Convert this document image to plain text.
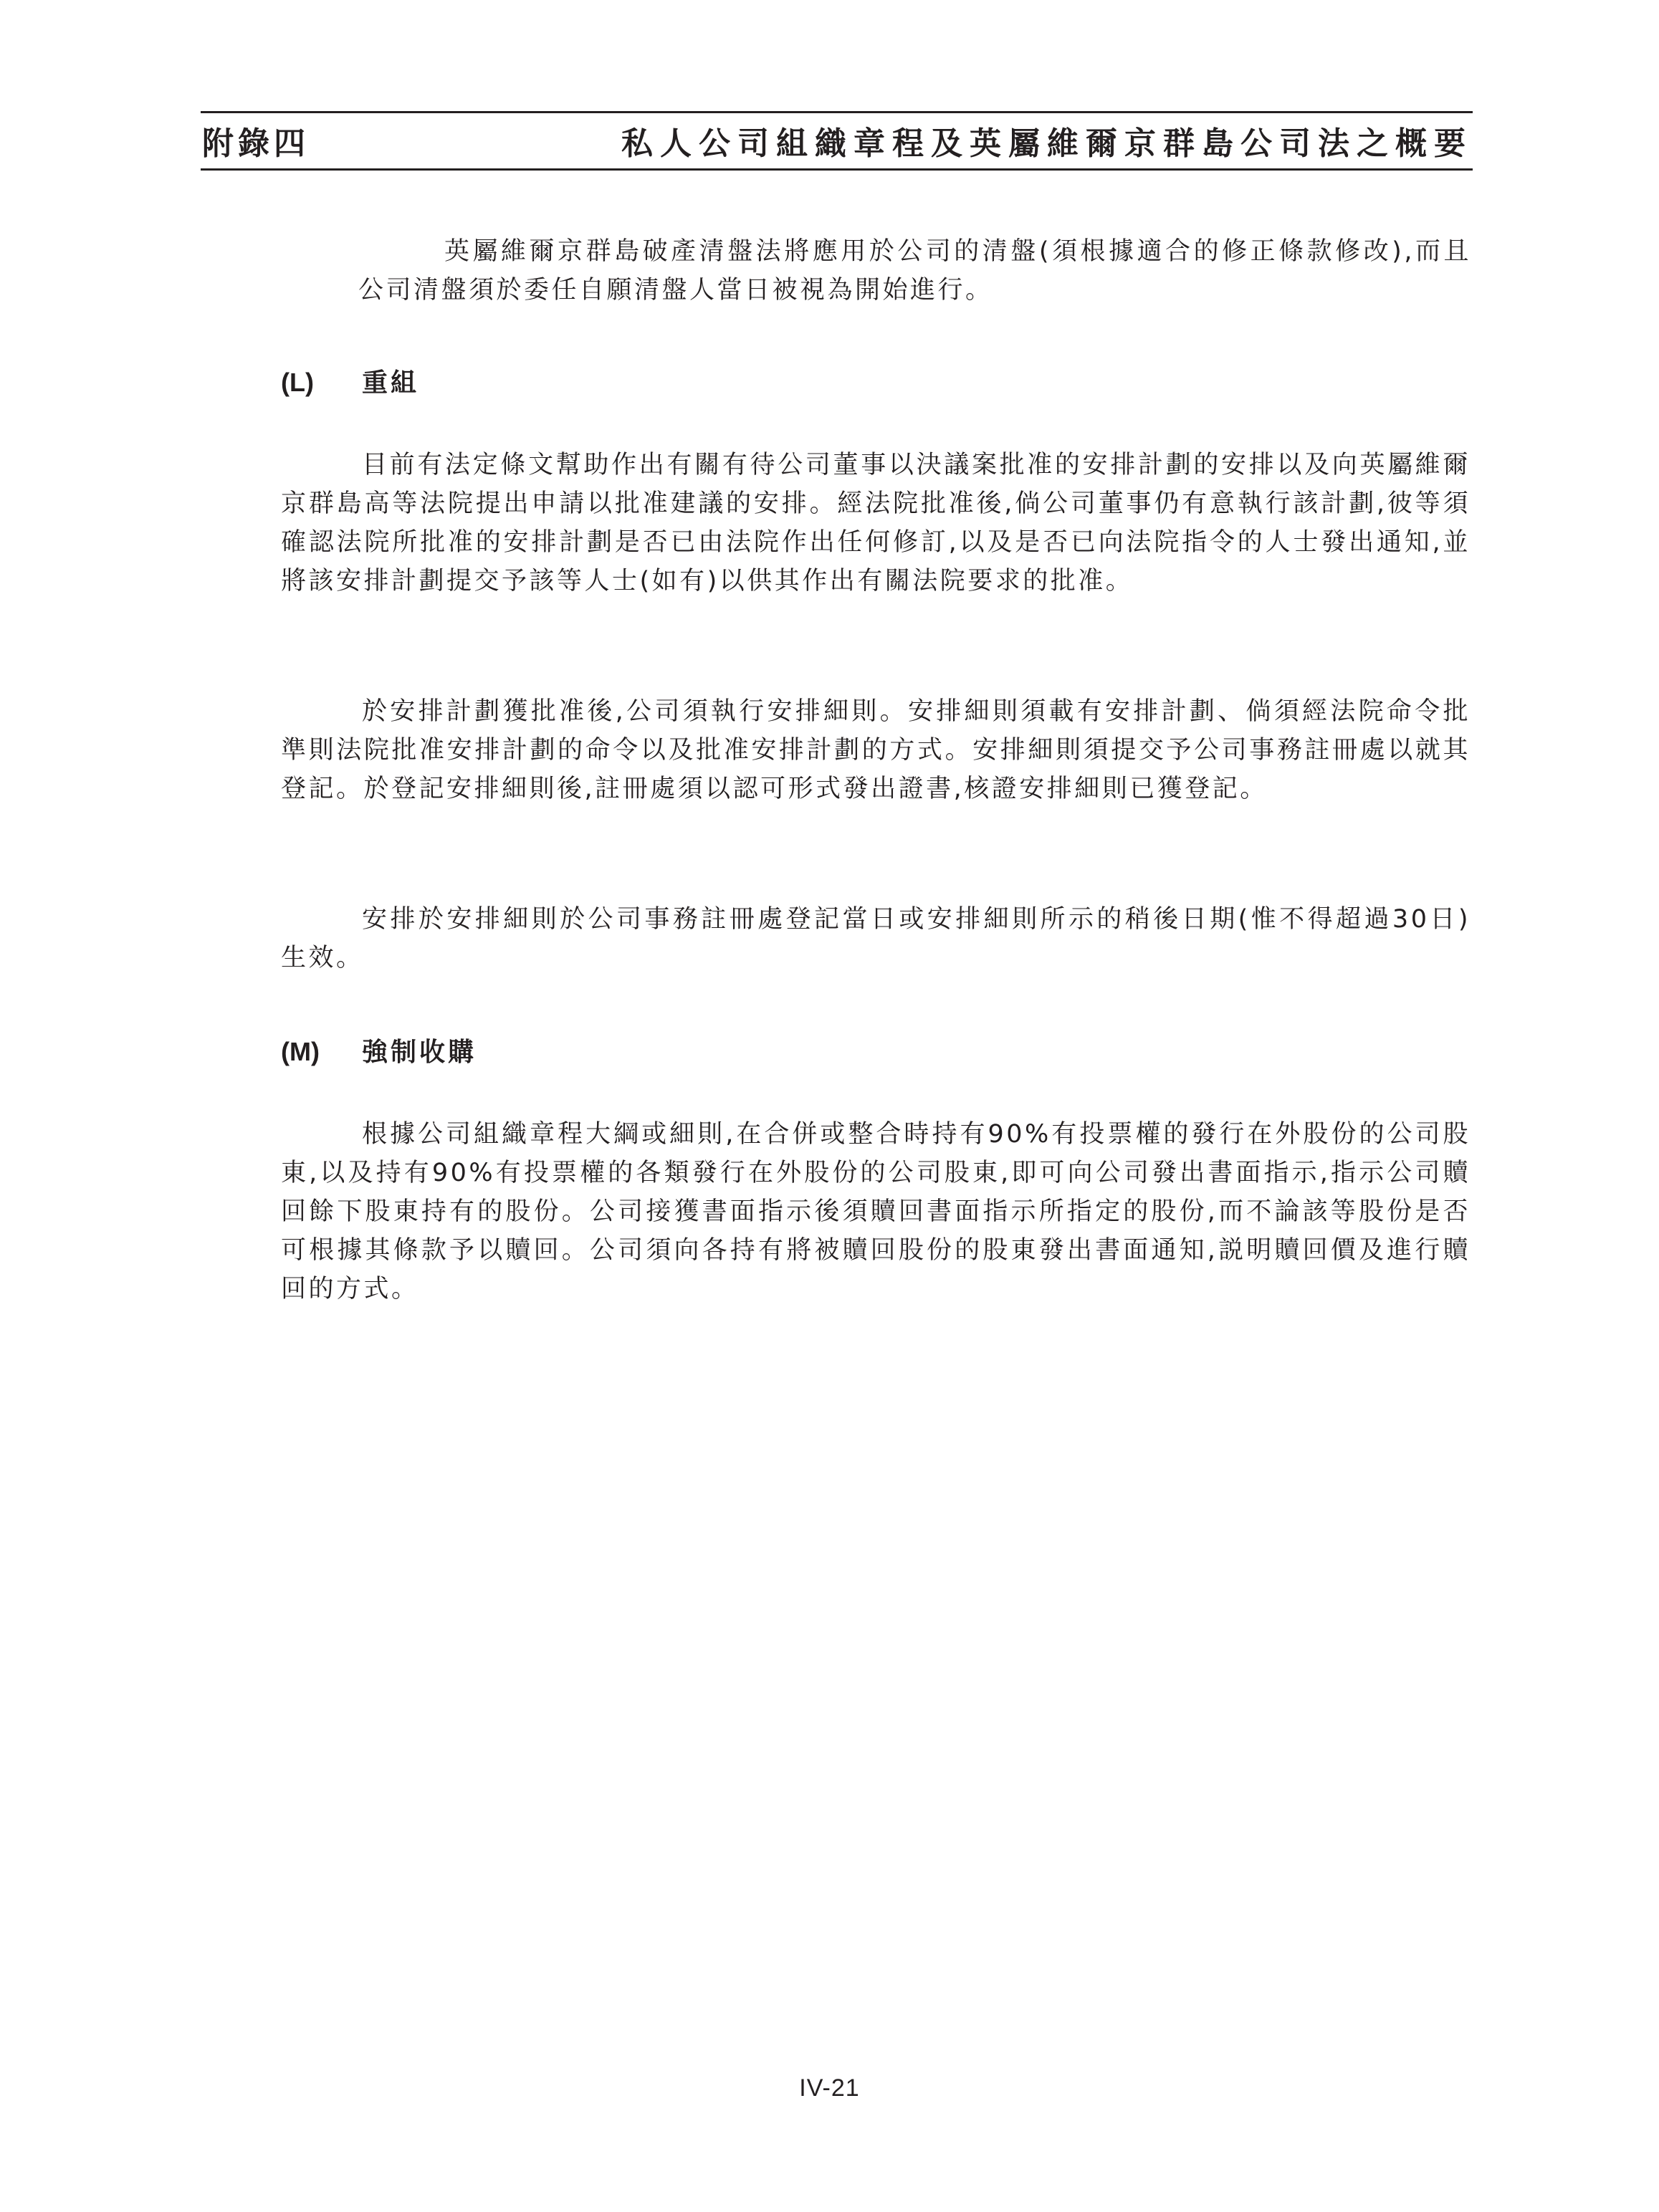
附錄四	私人公司組織章程及英屬維爾京群島公司法之概要

英屬維爾京群島破產清盤法將應用於公司的清盤(須根據適合的修正條款修改),而且公司清盤須於委任自願清盤人當日被視為開始進行。

(L) 重組

目前有法定條文幫助作出有關有待公司董事以決議案批准的安排計劃的安排以及向英屬維爾京群島高等法院提出申請以批准建議的安排。經法院批准後,倘公司董事仍有意執行該計劃,彼等須確認法院所批准的安排計劃是否已由法院作出任何修訂,以及是否已向法院指令的人士發出通知,並將該安排計劃提交予該等人士(如有)以供其作出有關法院要求的批准。

於安排計劃獲批准後,公司須執行安排細則。安排細則須載有安排計劃、倘須經法院命令批準則法院批准安排計劃的命令以及批准安排計劃的方式。安排細則須提交予公司事務註冊處以就其登記。於登記安排細則後,註冊處須以認可形式發出證書,核證安排細則已獲登記。

安排於安排細則於公司事務註冊處登記當日或安排細則所示的稍後日期(惟不得超過30日)生效。

(M) 強制收購

根據公司組織章程大綱或細則,在合併或整合時持有90%有投票權的發行在外股份的公司股東,以及持有90%有投票權的各類發行在外股份的公司股東,即可向公司發出書面指示,指示公司贖回餘下股東持有的股份。公司接獲書面指示後須贖回書面指示所指定的股份,而不論該等股份是否可根據其條款予以贖回。公司須向各持有將被贖回股份的股東發出書面通知,説明贖回價及進行贖回的方式。

IV-21
